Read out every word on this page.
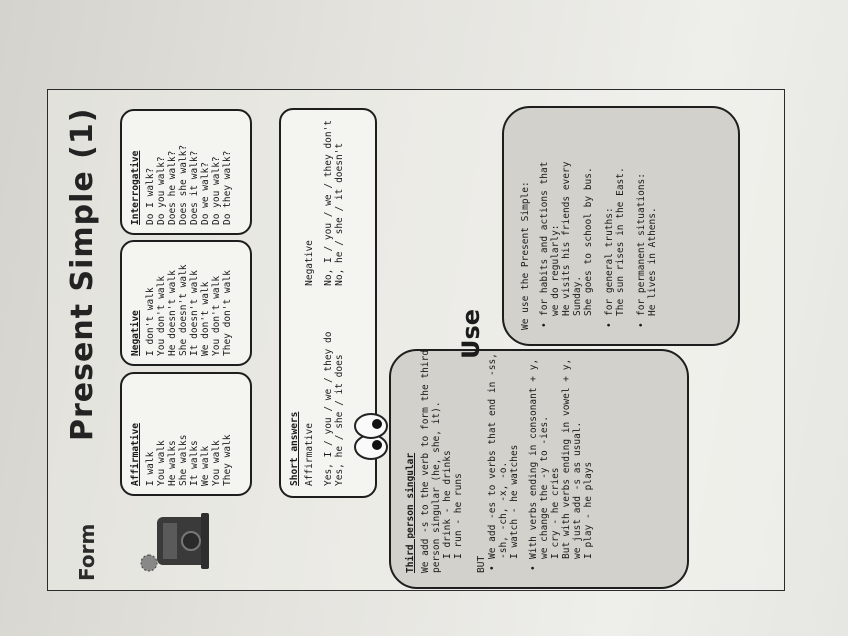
Form
Present Simple (1)
Affirmative I walk You walk He walks She walks It walks We walk You walk They walk
Negative I don't walk You don't walk He doesn't walk She doesn't walk It doesn't walk We don't walk You don't walk They don't walk
Interrogative Do I walk? Do you walk? Does he walk? Does she walk? Does it walk? Do we walk? Do you walk? Do they walk?
Short answers Affirmative Yes, I / you / we / they do Yes, he / she / it does
Negative No, I / you / we / they don't No, he / she / it doesn't
Third person singular We add -s to the verb to form the third person singular (he, she, it). I drink - he drinks I run - he runs
BUT
• We add -es to verbs that end in -ss, -sh, -ch, -x, -o. I watch - he watches • With verbs ending in consonant + y, we change the -y to -ies. I cry - he cries But with verbs ending in vowel + y, we just add -s as usual. I play - he plays
Use
We use the Present Simple: • for habits and actions that we do regularly: He visits his friends every Sunday. She goes to school by bus. • for general truths: The sun rises in the East. • for permanent situations: He lives in Athens.
